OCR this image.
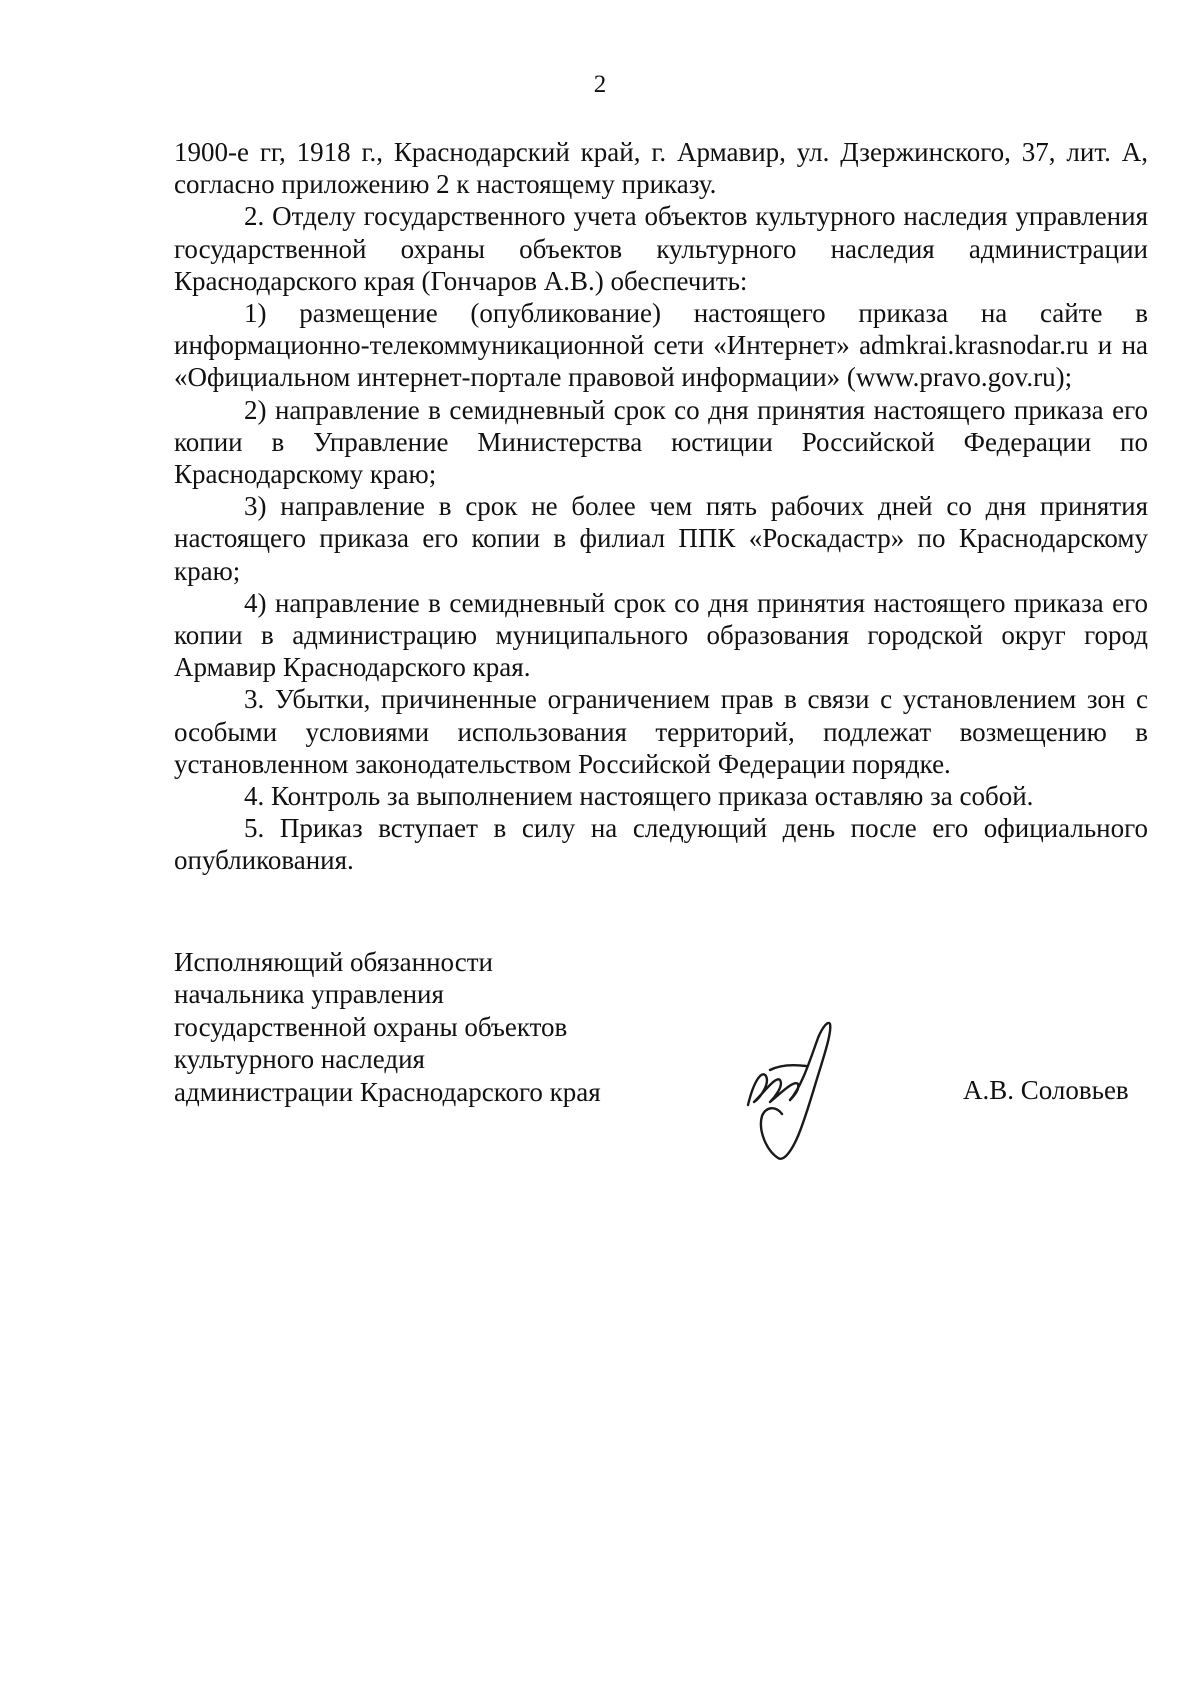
2

1900-е гг, 1918 г., Краснодарский край, г. Армавир, ул. Дзержинского, 37, лит. А, согласно приложению 2 к настоящему приказу.

2. Отделу государственного учета объектов культурного наследия управления государственной охраны объектов культурного наследия администрации Краснодарского края (Гончаров А.В.) обеспечить:

1) размещение (опубликование) настоящего приказа на сайте в информационно-телекоммуникационной сети «Интернет» admkrai.krasnodar.ru и на «Официальном интернет-портале правовой информации» (www.pravo.gov.ru);

2) направление в семидневный срок со дня принятия настоящего приказа его копии в Управление Министерства юстиции Российской Федерации по Краснодарскому краю;

3) направление в срок не более чем пять рабочих дней со дня принятия настоящего приказа его копии в филиал ППК «Роскадастр» по Краснодарскому краю;

4) направление в семидневный срок со дня принятия настоящего приказа его копии в администрацию муниципального образования городской округ город Армавир Краснодарского края.

3. Убытки, причиненные ограничением прав в связи с установлением зон с особыми условиями использования территорий, подлежат возмещению в установленном законодательством Российской Федерации порядке.

4. Контроль за выполнением настоящего приказа оставляю за собой.

5. Приказ вступает в силу на следующий день после его официального опубликования.

Исполняющий обязанности
начальника управления
государственной охраны объектов
культурного наследия
администрации Краснодарского края	А.В. Соловьев
